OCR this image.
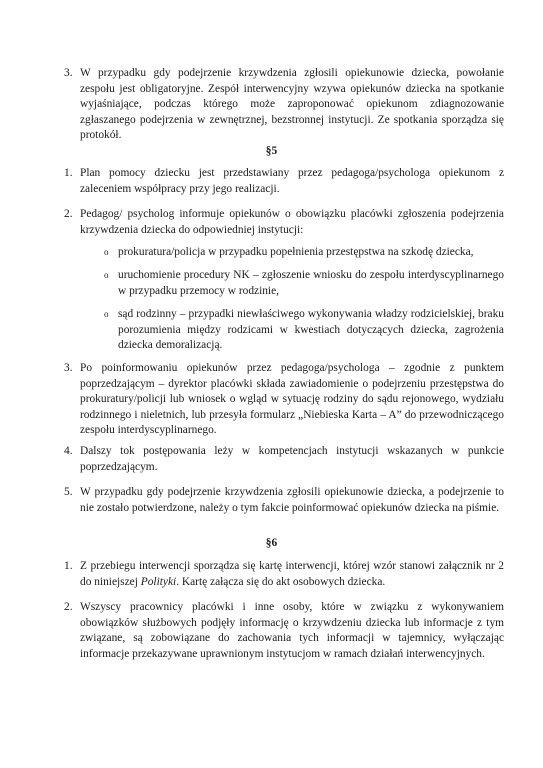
3. W przypadku gdy podejrzenie krzywdzenia zgłosili opiekunowie dziecka, powołanie zespołu jest obligatoryjne. Zespół interwencyjny wzywa opiekunów dziecka na spotkanie wyjaśniające, podczas którego może zaproponować opiekunom zdiagnozowanie zgłaszanego podejrzenia w zewnętrznej, bezstronnej instytucji. Ze spotkania sporządza się protokół.
§5
1. Plan pomocy dziecku jest przedstawiany przez pedagoga/psychologa opiekunom z zaleceniem współpracy przy jego realizacji.
2. Pedagog/ psycholog informuje opiekunów o obowiązku placówki zgłoszenia podejrzenia krzywdzenia dziecka do odpowiedniej instytucji:
o prokuratura/policja w przypadku popełnienia przestępstwa na szkodę dziecka,
o uruchomienie procedury NK – zgłoszenie wniosku do zespołu interdyscyplinarnego w przypadku przemocy w rodzinie,
o sąd rodzinny – przypadki niewłaściwego wykonywania władzy rodzicielskiej, braku porozumienia między rodzicami w kwestiach dotyczących dziecka, zagrożenia dziecka demoralizacją.
3. Po poinformowaniu opiekunów przez pedagoga/psychologa – zgodnie z punktem poprzedzającym – dyrektor placówki składa zawiadomienie o podejrzeniu przestępstwa do prokuratury/policji lub wniosek o wgląd w sytuację rodziny do sądu rejonowego, wydziału rodzinnego i nieletnich, lub przesyła formularz „Niebieska Karta – A” do przewodniczącego zespołu interdyscyplinarnego.
4. Dalszy tok postępowania leży w kompetencjach instytucji wskazanych w punkcie poprzedzającym.
5. W przypadku gdy podejrzenie krzywdzenia zgłosili opiekunowie dziecka, a podejrzenie to nie zostało potwierdzone, należy o tym fakcie poinformować opiekunów dziecka na piśmie.
§6
1. Z przebiegu interwencji sporządza się kartę interwencji, której wzór stanowi załącznik nr 2 do niniejszej Polityki. Kartę załącza się do akt osobowych dziecka.
2. Wszyscy pracownicy placówki i inne osoby, które w związku z wykonywaniem obowiązków służbowych podjęły informację o krzywdzeniu dziecka lub informacje z tym związane, są zobowiązane do zachowania tych informacji w tajemnicy, wyłączając informacje przekazywane uprawnionym instytucjom w ramach działań interwencyjnych.
